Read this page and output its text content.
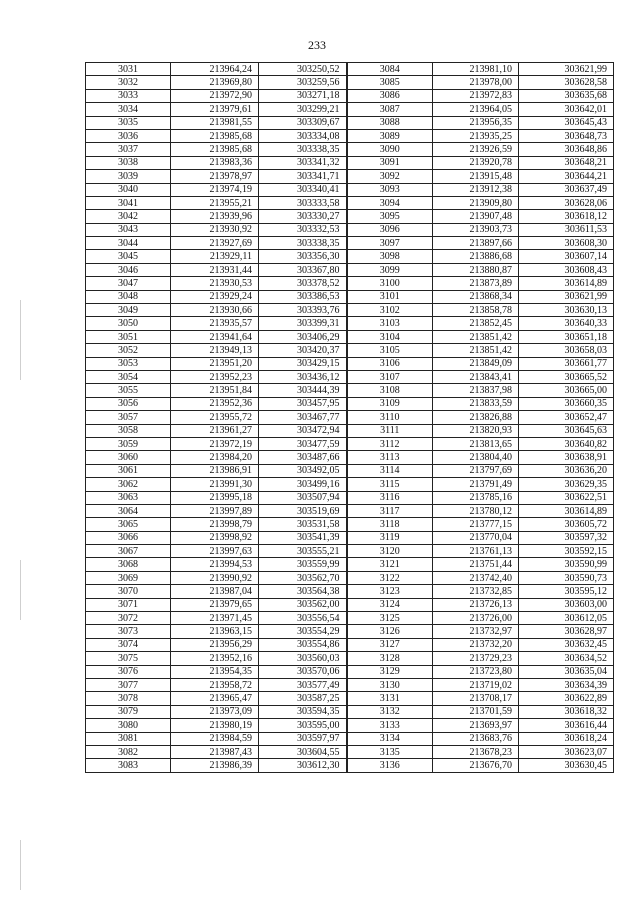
233
3031	213964,24	303250,52	3084	213981,10	303621,99
3032	213969,80	303259,56	3085	213978,00	303628,58
3033	213972,90	303271,18	3086	213972,83	303635,68
3034	213979,61	303299,21	3087	213964,05	303642,01
3035	213981,55	303309,67	3088	213956,35	303645,43
3036	213985,68	303334,08	3089	213935,25	303648,73
3037	213985,68	303338,35	3090	213926,59	303648,86
3038	213983,36	303341,32	3091	213920,78	303648,21
3039	213978,97	303341,71	3092	213915,48	303644,21
3040	213974,19	303340,41	3093	213912,38	303637,49
3041	213955,21	303333,58	3094	213909,80	303628,06
3042	213939,96	303330,27	3095	213907,48	303618,12
3043	213930,92	303332,53	3096	213903,73	303611,53
3044	213927,69	303338,35	3097	213897,66	303608,30
3045	213929,11	303356,30	3098	213886,68	303607,14
3046	213931,44	303367,80	3099	213880,87	303608,43
3047	213930,53	303378,52	3100	213873,89	303614,89
3048	213929,24	303386,53	3101	213868,34	303621,99
3049	213930,66	303393,76	3102	213858,78	303630,13
3050	213935,57	303399,31	3103	213852,45	303640,33
3051	213941,64	303406,29	3104	213851,42	303651,18
3052	213949,13	303420,37	3105	213851,42	303658,03
3053	213951,20	303429,15	3106	213849,09	303661,77
3054	213952,23	303436,12	3107	213843,41	303665,52
3055	213951,84	303444,39	3108	213837,98	303665,00
3056	213952,36	303457,95	3109	213833,59	303660,35
3057	213955,72	303467,77	3110	213826,88	303652,47
3058	213961,27	303472,94	3111	213820,93	303645,63
3059	213972,19	303477,59	3112	213813,65	303640,82
3060	213984,20	303487,66	3113	213804,40	303638,91
3061	213986,91	303492,05	3114	213797,69	303636,20
3062	213991,30	303499,16	3115	213791,49	303629,35
3063	213995,18	303507,94	3116	213785,16	303622,51
3064	213997,89	303519,69	3117	213780,12	303614,89
3065	213998,79	303531,58	3118	213777,15	303605,72
3066	213998,92	303541,39	3119	213770,04	303597,32
3067	213997,63	303555,21	3120	213761,13	303592,15
3068	213994,53	303559,99	3121	213751,44	303590,99
3069	213990,92	303562,70	3122	213742,40	303590,73
3070	213987,04	303564,38	3123	213732,85	303595,12
3071	213979,65	303562,00	3124	213726,13	303603,00
3072	213971,45	303556,54	3125	213726,00	303612,05
3073	213963,15	303554,29	3126	213732,97	303628,97
3074	213956,29	303554,86	3127	213732,20	303632,45
3075	213952,16	303560,03	3128	213729,23	303634,52
3076	213954,35	303570,06	3129	213723,80	303635,04
3077	213958,72	303577,49	3130	213719,02	303634,39
3078	213965,47	303587,25	3131	213708,17	303622,89
3079	213973,09	303594,35	3132	213701,59	303618,32
3080	213980,19	303595,00	3133	213693,97	303616,44
3081	213984,59	303597,97	3134	213683,76	303618,24
3082	213987,43	303604,55	3135	213678,23	303623,07
3083	213986,39	303612,30	3136	213676,70	303630,45
